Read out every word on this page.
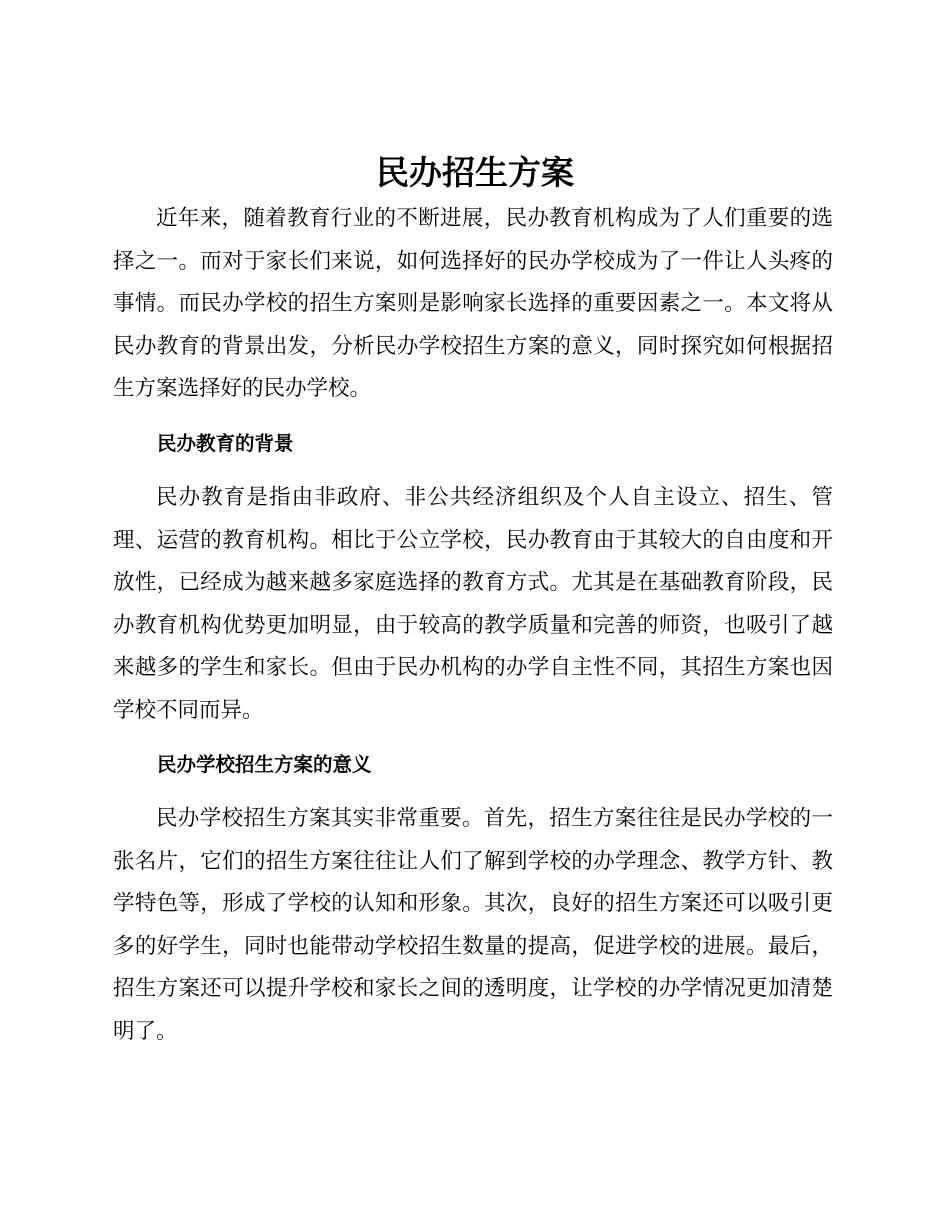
民办招生方案

近年来，随着教育行业的不断进展，民办教育机构成为了人们重要的选择之一。而对于家长们来说，如何选择好的民办学校成为了一件让人头疼的事情。而民办学校的招生方案则是影响家长选择的重要因素之一。本文将从民办教育的背景出发，分析民办学校招生方案的意义，同时探究如何根据招生方案选择好的民办学校。

民办教育的背景

民办教育是指由非政府、非公共经济组织及个人自主设立、招生、管理、运营的教育机构。相比于公立学校，民办教育由于其较大的自由度和开放性，已经成为越来越多家庭选择的教育方式。尤其是在基础教育阶段，民办教育机构优势更加明显，由于较高的教学质量和完善的师资，也吸引了越来越多的学生和家长。但由于民办机构的办学自主性不同，其招生方案也因学校不同而异。

民办学校招生方案的意义

民办学校招生方案其实非常重要。首先，招生方案往往是民办学校的一张名片，它们的招生方案往往让人们了解到学校的办学理念、教学方针、教学特色等，形成了学校的认知和形象。其次，良好的招生方案还可以吸引更多的好学生，同时也能带动学校招生数量的提高，促进学校的进展。最后，招生方案还可以提升学校和家长之间的透明度，让学校的办学情况更加清楚明了。
